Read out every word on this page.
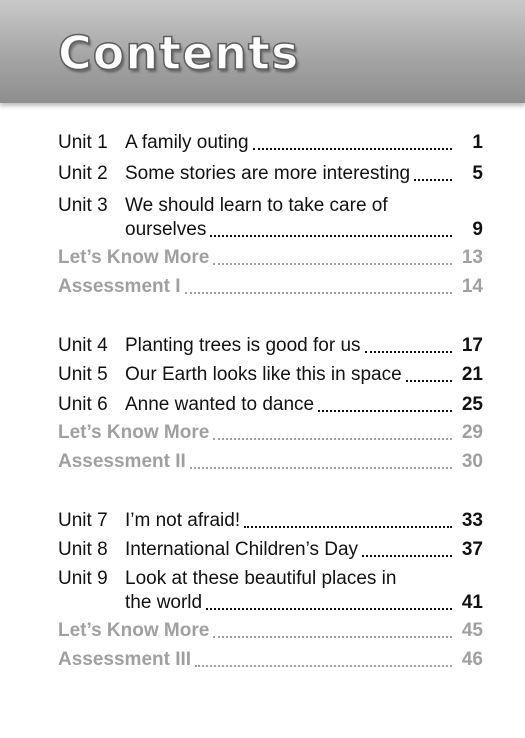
Contents
Unit 1 A family outing	1
Unit 2 Some stories are more interesting	5
Unit 3 We should learn to take care of
ourselves	9
Let’s Know More	13
Assessment I	14
Unit 4 Planting trees is good for us	17
Unit 5 Our Earth looks like this in space	21
Unit 6 Anne wanted to dance	25
Let’s Know More	29
Assessment II	30
Unit 7 I’m not afraid!	33
Unit 8 International Children’s Day	37
Unit 9 Look at these beautiful places in
the world	41
Let’s Know More	45
Assessment III	46
